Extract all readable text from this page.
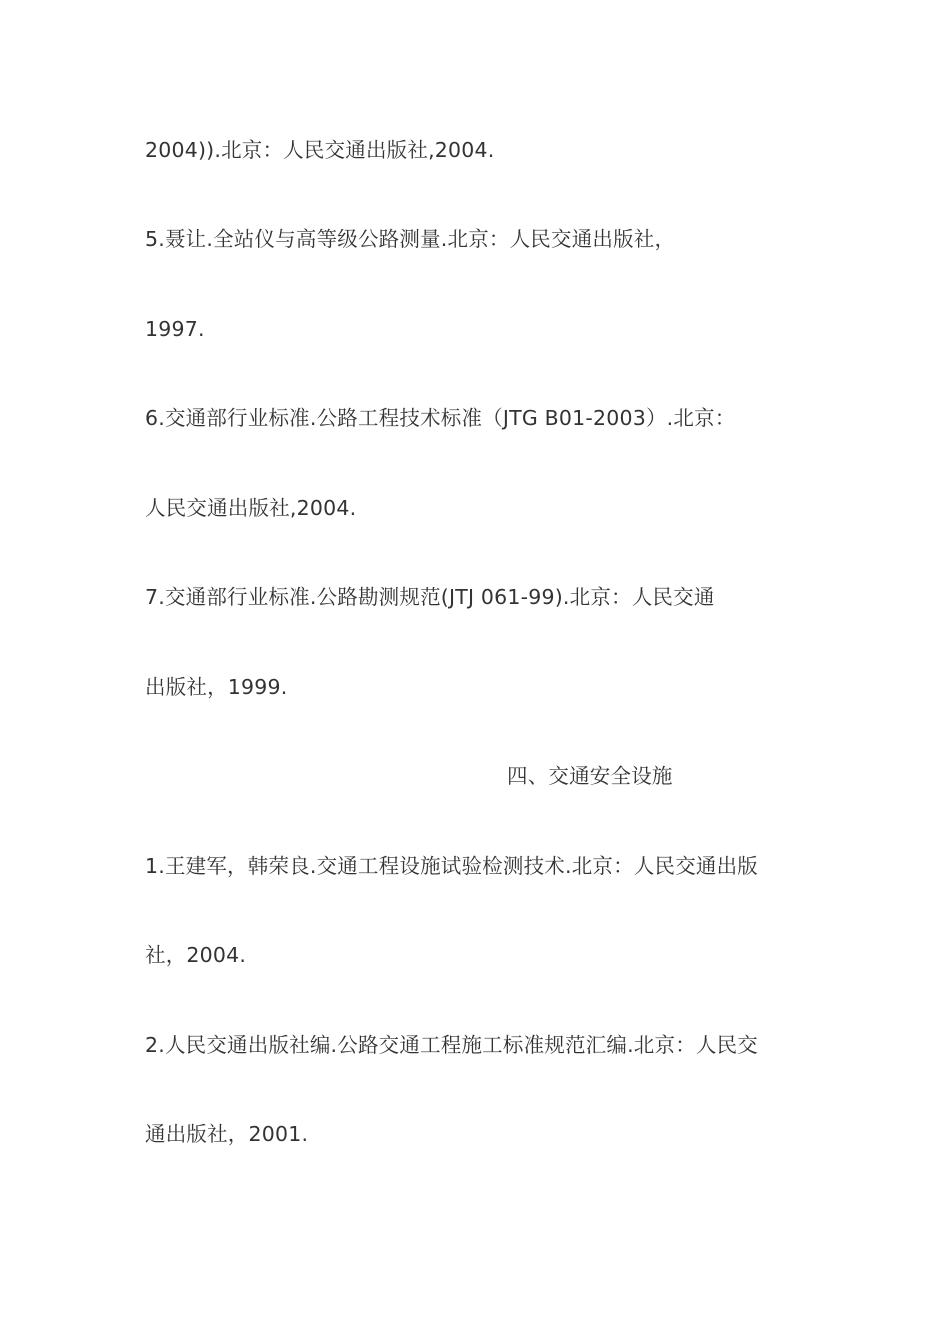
2004)).北京：人民交通出版社,2004.
5.聂让.全站仪与高等级公路测量.北京：人民交通出版社，
1997.
6.交通部行业标准.公路工程技术标准（JTG B01-2003）.北京：
人民交通出版社,2004.
7.交通部行业标准.公路勘测规范(JTJ 061-99).北京：人民交通
出版社，1999.
四、交通安全设施
1.王建军，韩荣良.交通工程设施试验检测技术.北京：人民交通出版
社，2004.
2.人民交通出版社编.公路交通工程施工标准规范汇编.北京：人民交
通出版社，2001.
